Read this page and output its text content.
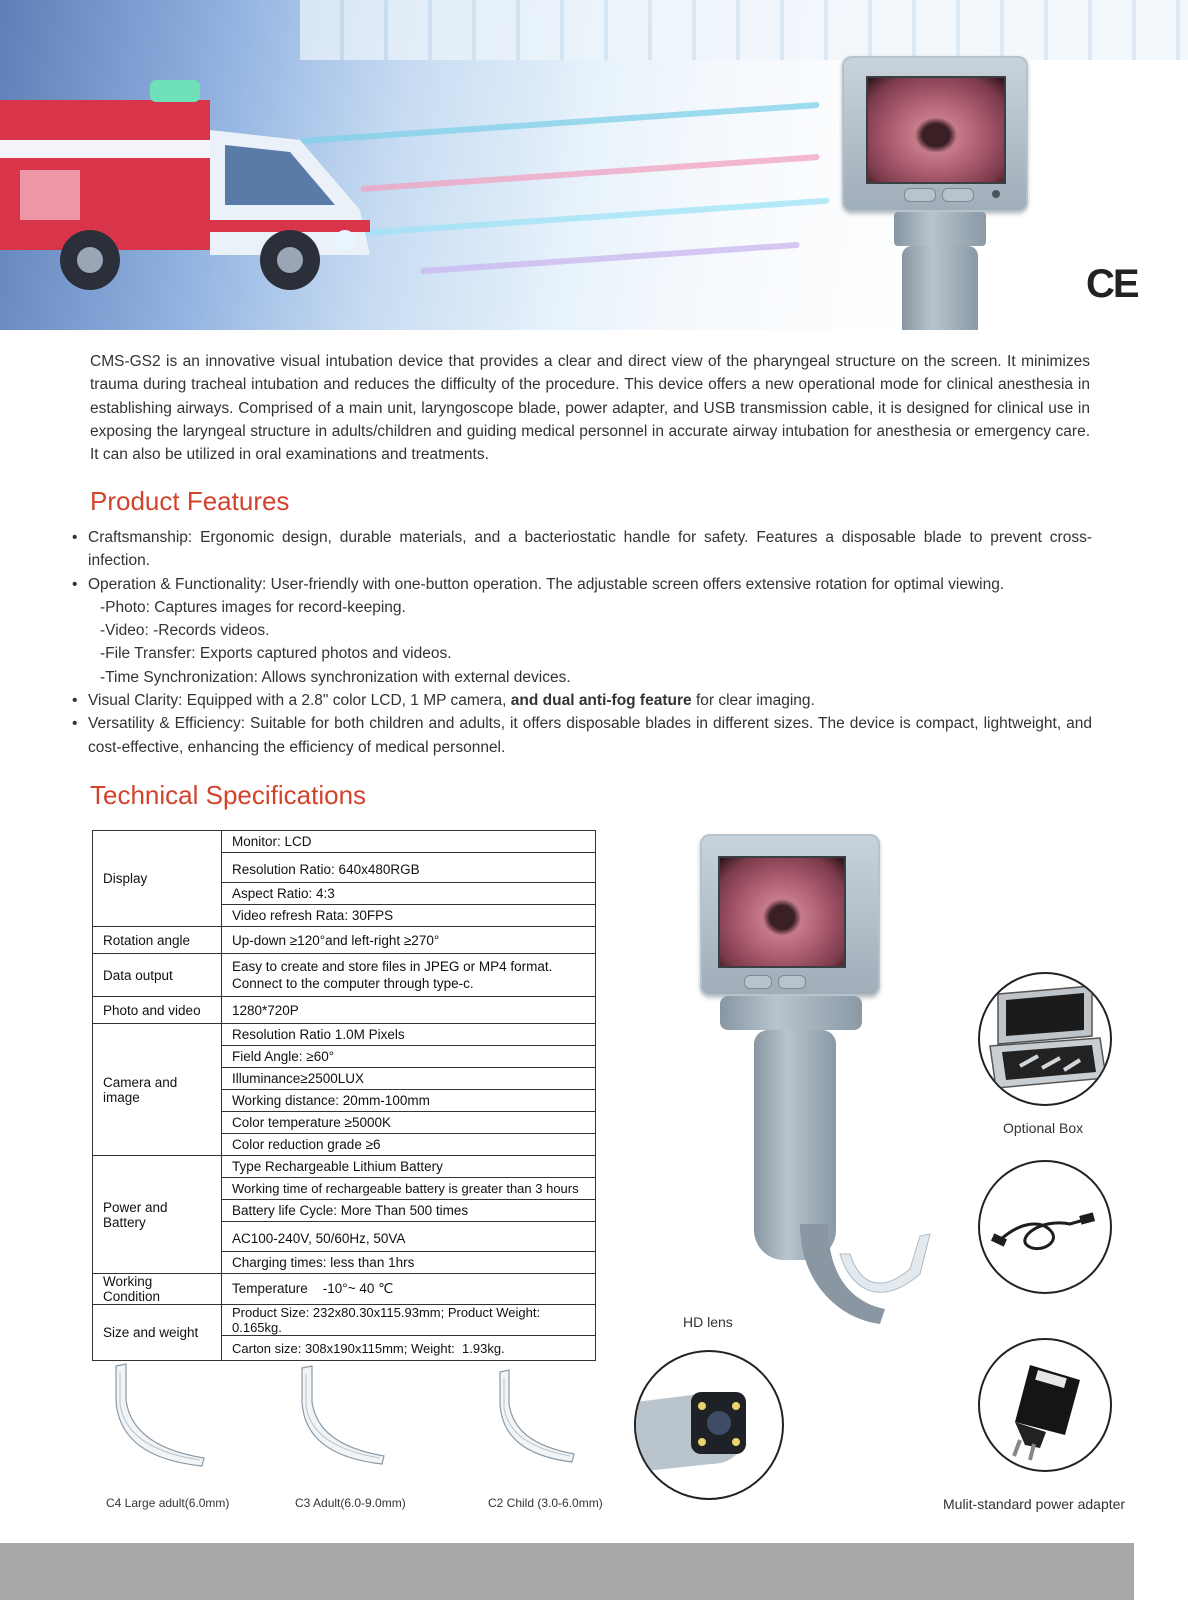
CE
CMS-GS2 is an innovative visual intubation device that provides a clear and direct view of the pharyngeal structure on the screen. It minimizes trauma during tracheal intubation and reduces the difficulty of the procedure. This device offers a new operational mode for clinical anesthesia in establishing airways. Comprised of a main unit, laryngoscope blade, power adapter, and USB transmission cable, it is designed for clinical use in exposing the laryngeal structure in adults/children and guiding medical personnel in accurate airway intubation for anesthesia or emergency care. It can also be utilized in oral examinations and treatments.
Product Features
• Craftsmanship: Ergonomic design, durable materials, and a bacteriostatic handle for safety. Features a disposable blade to prevent cross-infection.
• Operation & Functionality: User-friendly with one-button operation. The adjustable screen offers extensive rotation for optimal viewing.
-Photo: Captures images for record-keeping.
-Video: -Records videos.
-File Transfer: Exports captured photos and videos.
-Time Synchronization: Allows synchronization with external devices.
• Visual Clarity: Equipped with a 2.8" color LCD, 1 MP camera, and dual anti-fog feature for clear imaging.
• Versatility & Efficiency: Suitable for both children and adults, it offers disposable blades in different sizes. The device is compact, lightweight, and cost-effective, enhancing the efficiency of medical personnel.
Technical Specifications
Display	Monitor: LCD
	Resolution Ratio: 640x480RGB
	Aspect Ratio: 4:3
	Video refresh Rata: 30FPS
Rotation angle	Up-down ≥120°and left-right ≥270°
Data output	Easy to create and store files in JPEG or MP4 format.
Connect to the computer through type-c.

Photo and video	1280*720P
Camera and image	Resolution Ratio 1.0M Pixels
	Field Angle: ≥60°
	Illuminance≥2500LUX
	Working distance: 20mm-100mm
	Color temperature ≥5000K
	Color reduction grade ≥6
Power and Battery	Type Rechargeable Lithium Battery
	Working time of rechargeable battery is greater than 3 hours
	Battery life Cycle: More Than 500 times
	AC100-240V, 50/60Hz, 50VA
	Charging times: less than 1hrs
Working Condition	Temperature    -10°~ 40 ℃
Size and weight	Product Size: 232x80.30x115.93mm; Product Weight: 0.165kg.
	Carton size: 308x190x115mm; Weight:  1.93kg.
HD lens
Optional Box
Mulit-standard power adapter
C4 Large adult(6.0mm)	C3 Adult(6.0-9.0mm)	C2 Child (3.0-6.0mm)
